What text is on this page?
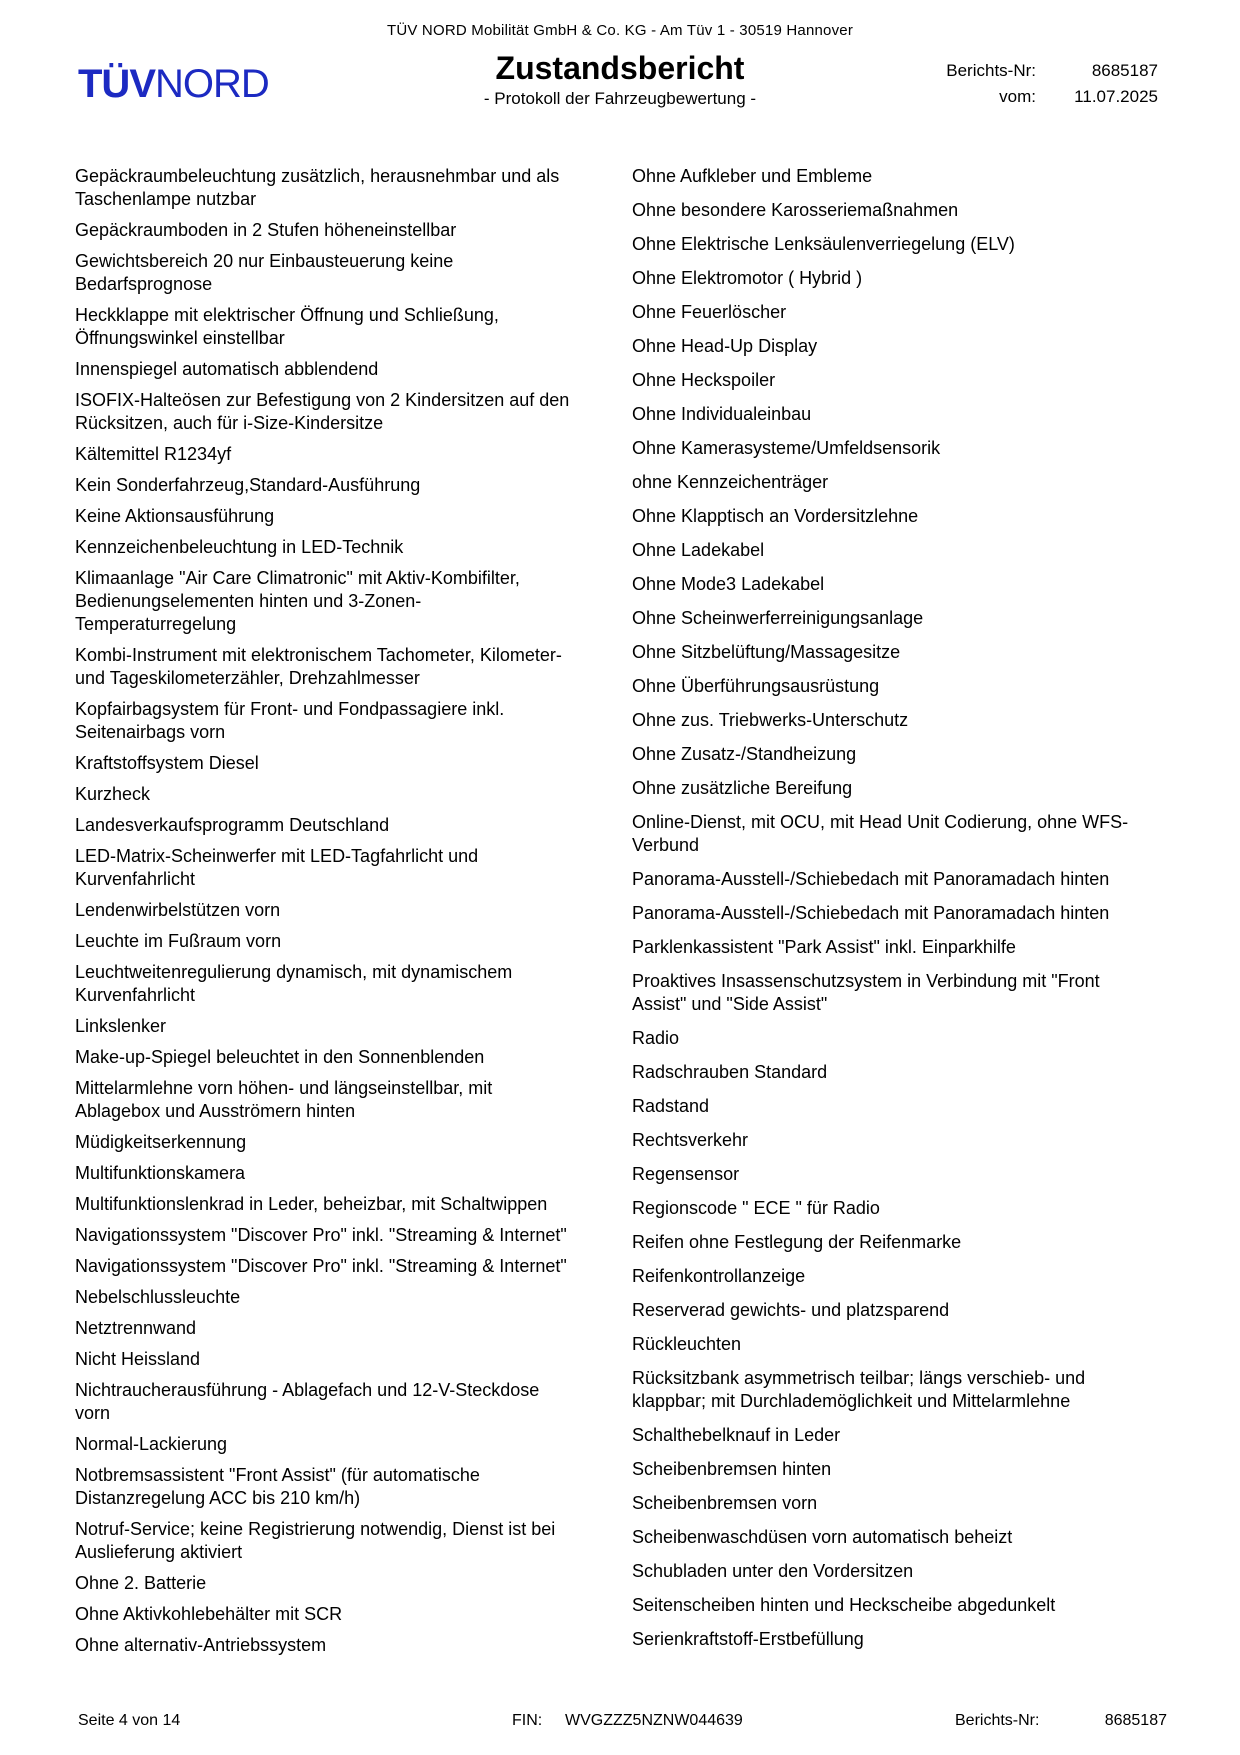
TÜV NORD Mobilität GmbH & Co. KG - Am Tüv 1 - 30519 Hannover
TÜVNORD	Zustandsbericht
- Protokoll der Fahrzeugbewertung -
Berichts-Nr:	8685187
vom:	11.07.2025
Gepäckraumbeleuchtung zusätzlich, herausnehmbar und als Taschenlampe nutzbar
Gepäckraumboden in 2 Stufen höheneinstellbar
Gewichtsbereich 20 nur Einbausteuerung keine Bedarfsprognose
Heckklappe mit elektrischer Öffnung und Schließung, Öffnungswinkel einstellbar
Innenspiegel automatisch abblendend
ISOFIX-Halteösen zur Befestigung von 2 Kindersitzen auf den Rücksitzen, auch für i-Size-Kindersitze
Kältemittel R1234yf
Kein Sonderfahrzeug,Standard-Ausführung
Keine Aktionsausführung
Kennzeichenbeleuchtung in LED-Technik
Klimaanlage "Air Care Climatronic" mit Aktiv-Kombifilter, Bedienungselementen hinten und 3-Zonen-Temperaturregelung
Kombi-Instrument mit elektronischem Tachometer, Kilometer- und Tageskilometerzähler, Drehzahlmesser
Kopfairbagsystem für Front- und Fondpassagiere inkl. Seitenairbags vorn
Kraftstoffsystem Diesel
Kurzheck
Landesverkaufsprogramm Deutschland
LED-Matrix-Scheinwerfer mit LED-Tagfahrlicht und Kurvenfahrlicht
Lendenwirbelstützen vorn
Leuchte im Fußraum vorn
Leuchtweitenregulierung dynamisch, mit dynamischem Kurvenfahrlicht
Linkslenker
Make-up-Spiegel beleuchtet in den Sonnenblenden
Mittelarmlehne vorn höhen- und längseinstellbar, mit Ablagebox und Ausströmern hinten
Müdigkeitserkennung
Multifunktionskamera
Multifunktionslenkrad in Leder, beheizbar, mit Schaltwippen
Navigationssystem "Discover Pro" inkl. "Streaming & Internet"
Navigationssystem "Discover Pro" inkl. "Streaming & Internet"
Nebelschlussleuchte
Netztrennwand
Nicht Heissland
Nichtraucherausführung - Ablagefach und 12-V-Steckdose vorn
Normal-Lackierung
Notbremsassistent "Front Assist" (für automatische Distanzregelung ACC bis 210 km/h)
Notruf-Service; keine Registrierung notwendig, Dienst ist bei Auslieferung aktiviert
Ohne 2. Batterie
Ohne Aktivkohlebehälter mit SCR
Ohne alternativ-Antriebssystem
Ohne Aufkleber und Embleme
Ohne besondere Karosseriemaßnahmen
Ohne Elektrische Lenksäulenverriegelung (ELV)
Ohne Elektromotor ( Hybrid )
Ohne Feuerlöscher
Ohne Head-Up Display
Ohne Heckspoiler
Ohne Individualeinbau
Ohne Kamerasysteme/Umfeldsensorik
ohne Kennzeichenträger
Ohne Klapptisch an Vordersitzlehne
Ohne Ladekabel
Ohne Mode3 Ladekabel
Ohne Scheinwerferreinigungsanlage
Ohne Sitzbelüftung/Massagesitze
Ohne Überführungsausrüstung
Ohne zus. Triebwerks-Unterschutz
Ohne Zusatz-/Standheizung
Ohne zusätzliche Bereifung
Online-Dienst, mit OCU, mit Head Unit Codierung, ohne WFS-Verbund
Panorama-Ausstell-/Schiebedach mit Panoramadach hinten
Panorama-Ausstell-/Schiebedach mit Panoramadach hinten
Parklenkassistent "Park Assist" inkl. Einparkhilfe
Proaktives Insassenschutzsystem in Verbindung mit "Front Assist" und "Side Assist"
Radio
Radschrauben Standard
Radstand
Rechtsverkehr
Regensensor
Regionscode " ECE " für Radio
Reifen ohne Festlegung der Reifenmarke
Reifenkontrollanzeige
Reserverad gewichts- und platzsparend
Rückleuchten
Rücksitzbank asymmetrisch teilbar; längs verschieb- und klappbar; mit Durchlademöglichkeit und Mittelarmlehne
Schalthebelknauf in Leder
Scheibenbremsen hinten
Scheibenbremsen vorn
Scheibenwaschdüsen vorn automatisch beheizt
Schubladen unter den Vordersitzen
Seitenscheiben hinten und Heckscheibe abgedunkelt
Serienkraftstoff-Erstbefüllung
Seite 4 von 14	FIN: WVGZZZ5NZNW044639	Berichts-Nr:	8685187
